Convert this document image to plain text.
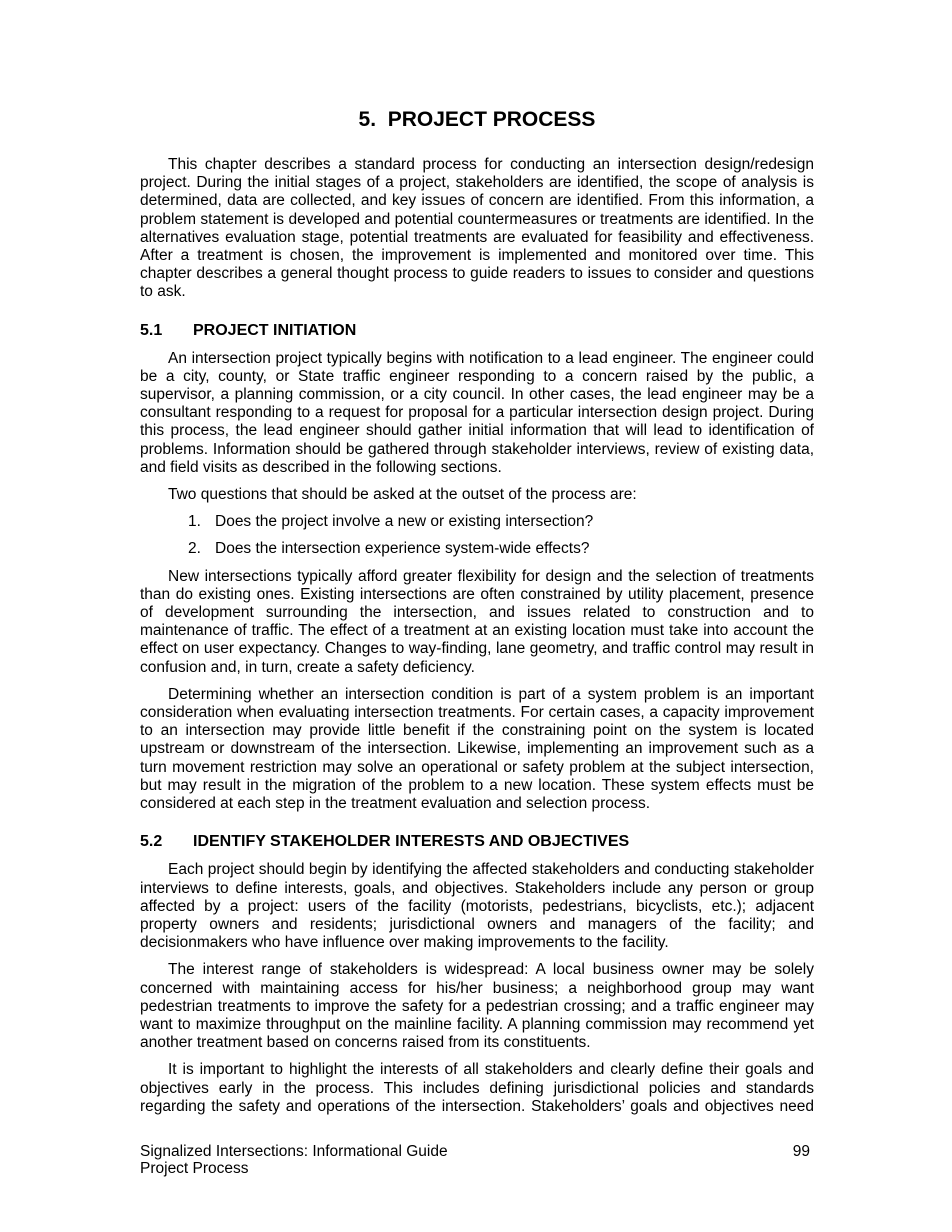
5.  PROJECT PROCESS

This chapter describes a standard process for conducting an intersection design/redesign project. During the initial stages of a project, stakeholders are identified, the scope of analysis is determined, data are collected, and key issues of concern are identified. From this information, a problem statement is developed and potential countermeasures or treatments are identified. In the alternatives evaluation stage, potential treatments are evaluated for feasibility and effectiveness. After a treatment is chosen, the improvement is implemented and monitored over time. This chapter describes a general thought process to guide readers to issues to consider and questions to ask.

5.1	PROJECT INITIATION

An intersection project typically begins with notification to a lead engineer. The engineer could be a city, county, or State traffic engineer responding to a concern raised by the public, a supervisor, a planning commission, or a city council. In other cases, the lead engineer may be a consultant responding to a request for proposal for a particular intersection design project. During this process, the lead engineer should gather initial information that will lead to identification of problems. Information should be gathered through stakeholder interviews, review of existing data, and field visits as described in the following sections.

Two questions that should be asked at the outset of the process are:

1. Does the project involve a new or existing intersection?
2. Does the intersection experience system-wide effects?

New intersections typically afford greater flexibility for design and the selection of treatments than do existing ones. Existing intersections are often constrained by utility placement, presence of development surrounding the intersection, and issues related to construction and to maintenance of traffic. The effect of a treatment at an existing location must take into account the effect on user expectancy. Changes to way-finding, lane geometry, and traffic control may result in confusion and, in turn, create a safety deficiency.

Determining whether an intersection condition is part of a system problem is an important consideration when evaluating intersection treatments. For certain cases, a capacity improvement to an intersection may provide little benefit if the constraining point on the system is located upstream or downstream of the intersection. Likewise, implementing an improvement such as a turn movement restriction may solve an operational or safety problem at the subject intersection, but may result in the migration of the problem to a new location. These system effects must be considered at each step in the treatment evaluation and selection process.

5.2	IDENTIFY STAKEHOLDER INTERESTS AND OBJECTIVES

Each project should begin by identifying the affected stakeholders and conducting stakeholder interviews to define interests, goals, and objectives. Stakeholders include any person or group affected by a project: users of the facility (motorists, pedestrians, bicyclists, etc.); adjacent property owners and residents; jurisdictional owners and managers of the facility; and decisionmakers who have influence over making improvements to the facility.

The interest range of stakeholders is widespread: A local business owner may be solely concerned with maintaining access for his/her business; a neighborhood group may want pedestrian treatments to improve the safety for a pedestrian crossing; and a traffic engineer may want to maximize throughput on the mainline facility. A planning commission may recommend yet another treatment based on concerns raised from its constituents.

It is important to highlight the interests of all stakeholders and clearly define their goals and objectives early in the process. This includes defining jurisdictional policies and standards regarding the safety and operations of the intersection. Stakeholders’ goals and objectives need

Signalized Intersections: Informational Guide
Project Process
99
